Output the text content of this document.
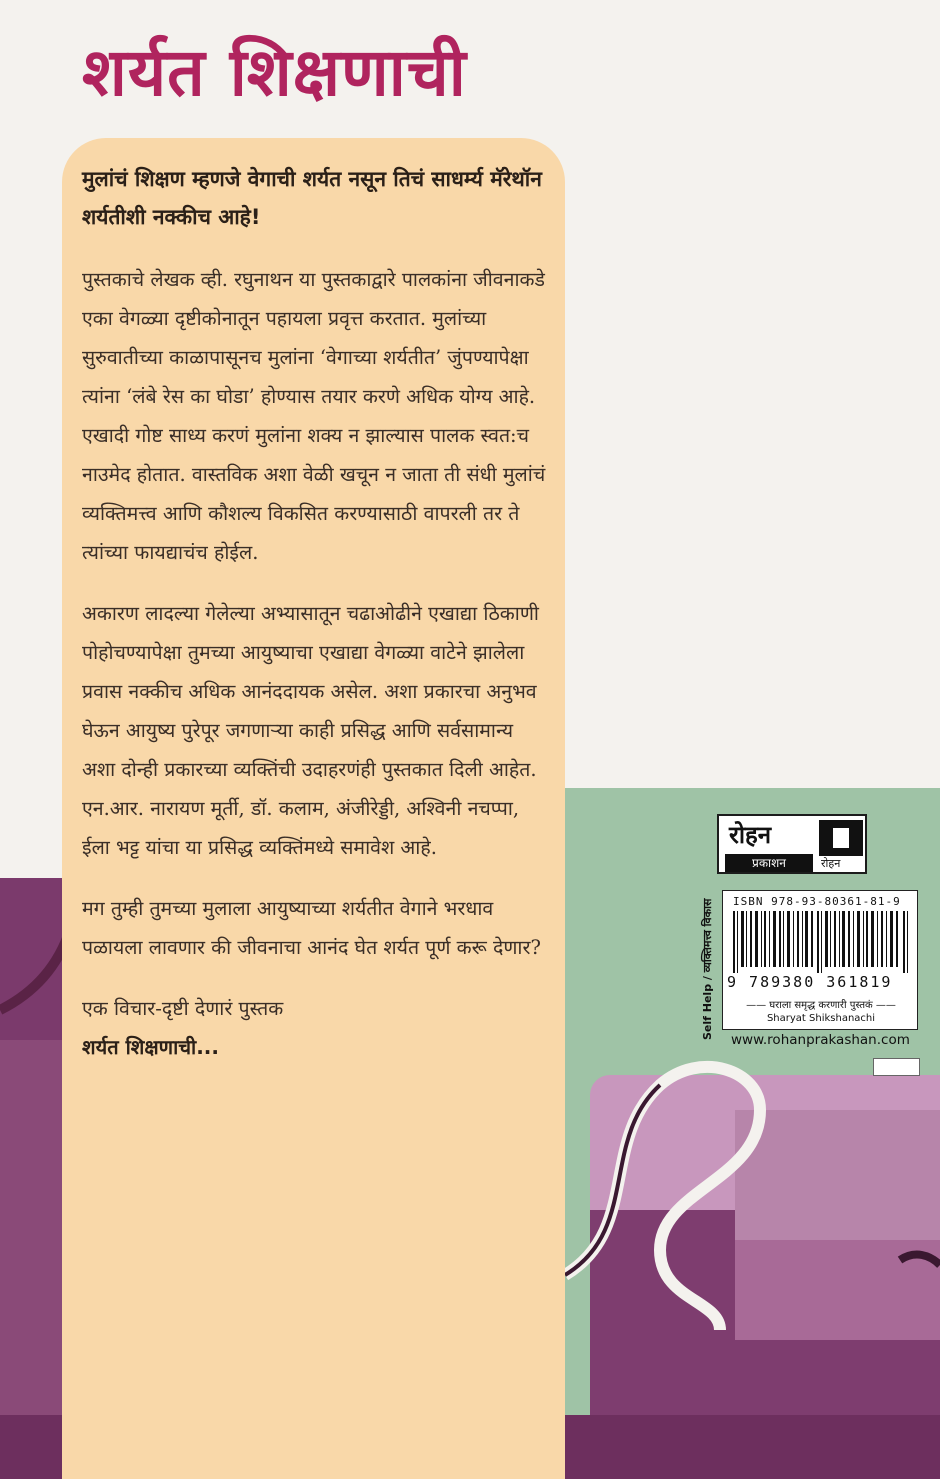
शर्यत शिक्षणाची

मुलांचं शिक्षण म्हणजे वेगाची शर्यत नसून तिचं साधर्म्य मॅरेथॉन शर्यतीशी नक्कीच आहे!

पुस्तकाचे लेखक व्ही. रघुनाथन या पुस्तकाद्वारे पालकांना जीवनाकडे एका वेगळ्या दृष्टीकोनातून पहायला प्रवृत्त करतात. मुलांच्या सुरुवातीच्या काळापासूनच मुलांना ‘वेगाच्या शर्यतीत’ जुंपण्यापेक्षा त्यांना ‘लंबे रेस का घोडा’ होण्यास तयार करणे अधिक योग्य आहे. एखादी गोष्ट साध्य करणं मुलांना शक्य न झाल्यास पालक स्वत:च नाउमेद होतात. वास्तविक अशा वेळी खचून न जाता ती संधी मुलांचं व्यक्तिमत्त्व आणि कौशल्य विकसित करण्यासाठी वापरली तर ते त्यांच्या फायद्याचंच होईल.

अकारण लादल्या गेलेल्या अभ्यासातून चढाओढीने एखाद्या ठिकाणी पोहोचण्यापेक्षा तुमच्या आयुष्याचा एखाद्या वेगळ्या वाटेने झालेला प्रवास नक्कीच अधिक आनंददायक असेल. अशा प्रकारचा अनुभव घेऊन आयुष्य पुरेपूर जगणाऱ्या काही प्रसिद्ध आणि सर्वसामान्य अशा दोन्ही प्रकारच्या व्यक्तिंची उदाहरणंही पुस्तकात दिली आहेत. एन.आर. नारायण मूर्ती, डॉ. कलाम, अंजीरेड्डी, अश्विनी नचप्पा, ईला भट्ट यांचा या प्रसिद्ध व्यक्तिंमध्ये समावेश आहे.

मग तुम्ही तुमच्या मुलाला आयुष्याच्या शर्यतीत वेगाने भरधाव पळायला लावणार की जीवनाचा आनंद घेत शर्यत पूर्ण करू देणार?

एक विचार-दृष्टी देणारं पुस्तक
शर्यत शिक्षणाची...

रोहन
प्रकाशन	रोहन
Self Help / व्यक्तिमत्त्व विकास ISBN 978-93-80361-81-9
9 789380 361819
—— घराला समृद्ध करणारी पुस्तकं ——
Sharyat Shikshanachi
www.rohanprakashan.com
